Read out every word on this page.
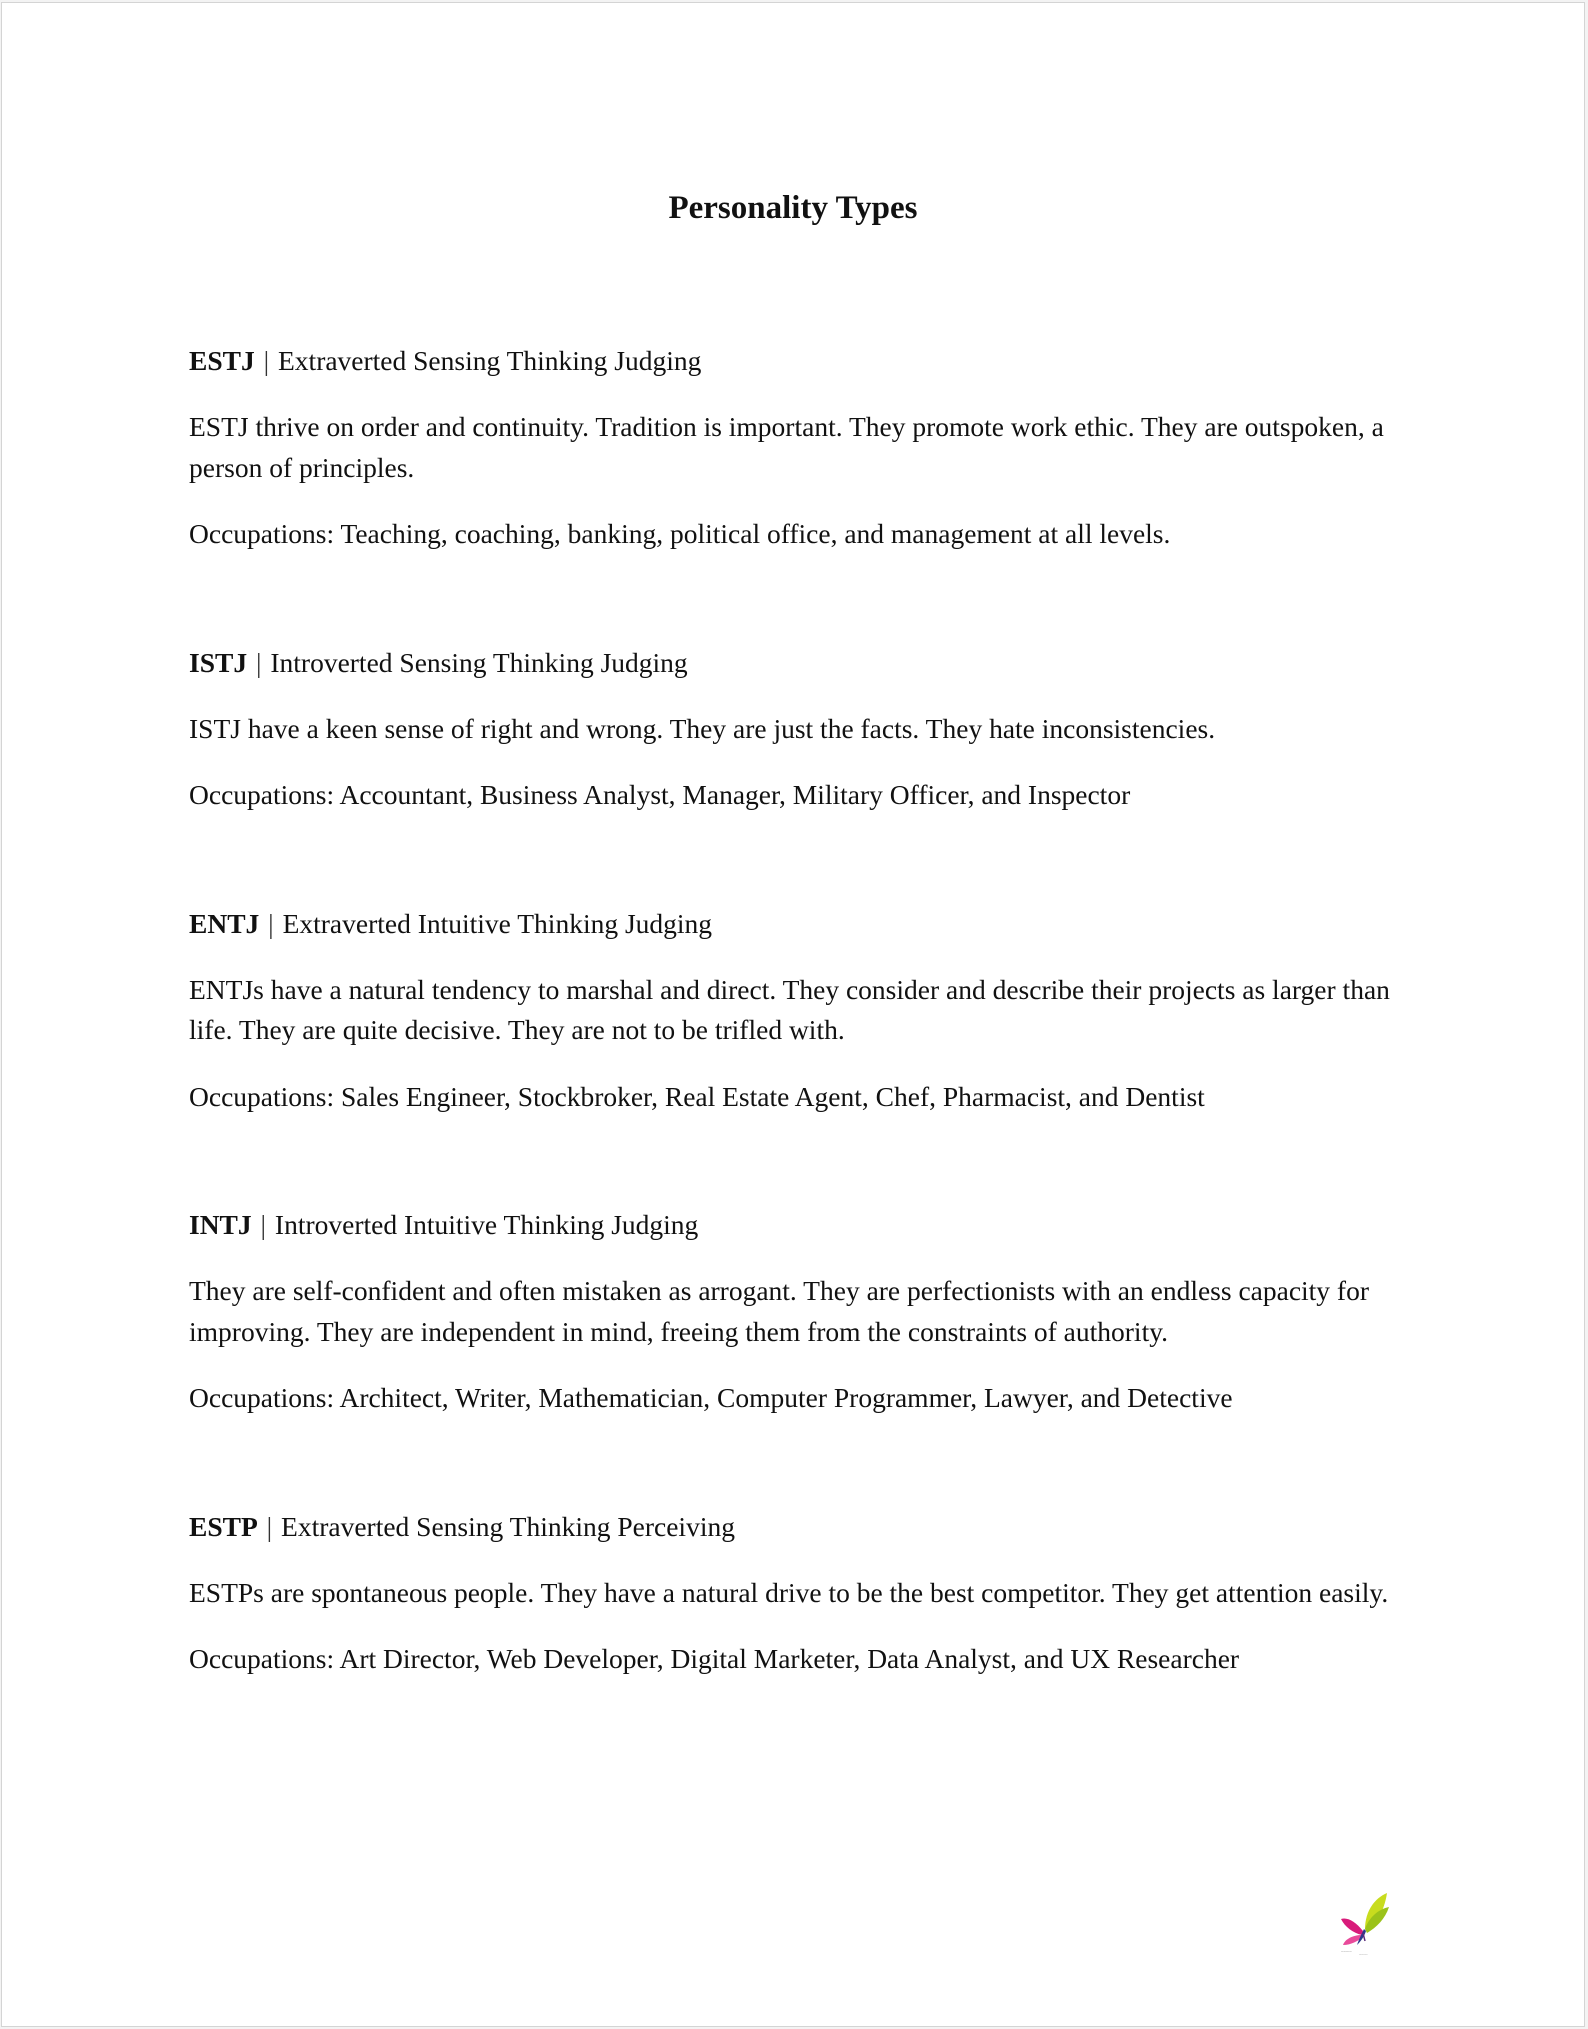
Personality Types

ESTJ | Extraverted Sensing Thinking Judging

ESTJ thrive on order and continuity. Tradition is important. They promote work ethic. They are outspoken, a person of principles.

Occupations: Teaching, coaching, banking, political office, and management at all levels.

ISTJ | Introverted Sensing Thinking Judging

ISTJ have a keen sense of right and wrong. They are just the facts. They hate inconsistencies.

Occupations: Accountant, Business Analyst, Manager, Military Officer, and Inspector

ENTJ | Extraverted Intuitive Thinking Judging

ENTJs have a natural tendency to marshal and direct. They consider and describe their projects as larger than life. They are quite decisive. They are not to be trifled with.

Occupations: Sales Engineer, Stockbroker, Real Estate Agent, Chef, Pharmacist, and Dentist

INTJ | Introverted Intuitive Thinking Judging

They are self-confident and often mistaken as arrogant. They are perfectionists with an endless capacity for improving. They are independent in mind, freeing them from the constraints of authority.

Occupations: Architect, Writer, Mathematician, Computer Programmer, Lawyer, and Detective

ESTP | Extraverted Sensing Thinking Perceiving

ESTPs are spontaneous people. They have a natural drive to be the best competitor. They get attention easily.

Occupations: Art Director, Web Developer, Digital Marketer, Data Analyst, and UX Researcher

~~~~ ~~~~
